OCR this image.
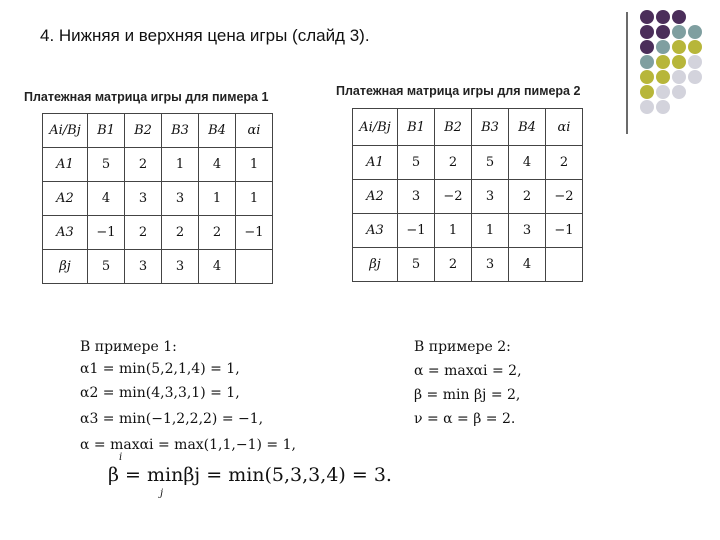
4. Нижняя и верхняя цена игры (слайд 3).
Платежная матрица игры для пимера 1
Ai/Bj	B1	B2	B3	B4	αi
A1	5	2	1	4	1
A2	4	3	3	1	1
A3	−1	2	2	2	−1
βj	5	3	3	4	
Платежная матрица игры для пимера 2
Ai/Bj	B1	B2	B3	B4	αi
A1	5	2	5	4	2
A2	3	−2	3	2	−2
A3	−1	1	1	3	−1
βj	5	2	3	4	
В примере 1:
α1 = min(5,2,1,4) = 1,
α2 = min(4,3,3,1) = 1,
α3 = min(−1,2,2,2) = −1,
α = maxαi = max(1,1,−1) = 1,
i
β = minβj = min(5,3,3,4) = 3.
j
В примере 2:
α = maxαi = 2,
β = min βj = 2,
ν = α = β = 2.
